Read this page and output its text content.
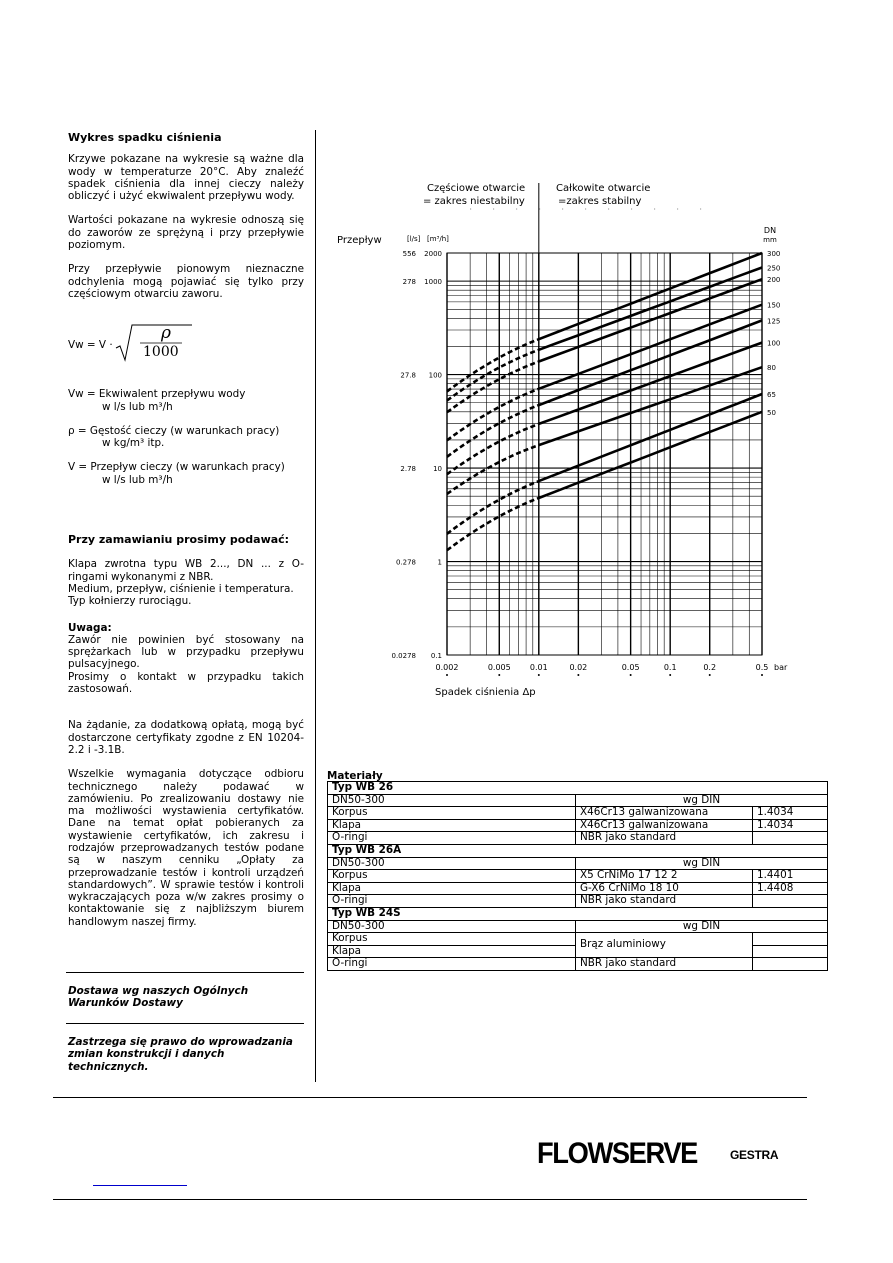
Wykres spadku ciśnienia

Krzywe pokazane na wykresie są ważne dla wody w temperaturze 20°C. Aby znaleźć spadek ciśnienia dla innej cieczy należy obliczyć i użyć ekwiwalent przepływu wody.

Wartości pokazane na wykresie odnoszą się do zaworów ze sprężyną i przy przepływie poziomym.

Przy przepływie pionowym nieznaczne odchylenia mogą pojawiać się tylko przy częściowym otwarciu zaworu.

Vw = V ·
ρ
1000
Vw = Ekwiwalent przepływu wody
w l/s lub m³/h
ρ = Gęstość cieczy (w warunkach pracy)
w kg/m³ itp.
V = Przepływ cieczy (w warunkach pracy)
w l/s lub m³/h
Przy zamawianiu prosimy podawać:
Klapa zwrotna typu WB 2..., DN ... z O-ringami wykonanymi z NBR.
Medium, przepływ, ciśnienie i temperatura.
Typ kołnierzy rurociągu.
Uwaga:
Zawór nie powinien być stosowany na sprężarkach lub w przypadku przepływu pulsacyjnego.
Prosimy o kontakt w przypadku takich zastosowań.

Na żądanie, za dodatkową opłatą, mogą być dostarczone certyfikaty zgodne z EN 10204-2.2 i -3.1B.

Wszelkie wymagania dotyczące odbioru technicznego należy podawać w zamówieniu. Po zrealizowaniu dostawy nie ma możliwości wystawienia certyfikatów. Dane na temat opłat pobieranych za wystawienie certyfikatów, ich zakresu i rodzajów przeprowadzanych testów podane są w naszym cenniku „Opłaty za przeprowadzanie testów i kontroli urządzeń standardowych”. W sprawie testów i kontroli wykraczających poza w/w zakres prosimy o kontaktowanie się z najbliższym biurem handlowym naszej firmy.

Dostawa wg naszych Ogólnych Warunków Dostawy
Zastrzega się prawo do wprowadzania zmian konstrukcji i danych technicznych.
0.002	0.005 0.01	0.02	0.05	0.1	0.2	0.5 bar
Spadek ciśnienia Δp
0.1
0.0278
1
0.278
10
2.78
100
27.8
1000
278
2000
556
Przepływ	[l/s] [m³/h]
DN
mm
Częściowe otwarcie
= zakres niestabilny
Całkowite otwarcie
=zakres stabilny
300
250
200
150
125
100
80
65
50
Materiały
Typ WB 26		
DN50-300	wg DIN	
Korpus	X46Cr13 galwanizowana	1.4034
Klapa	X46Cr13 galwanizowana	1.4034
O-ringi	NBR jako standard	
Typ WB 26A		
DN50-300	wg DIN	
Korpus	X5 CrNiMo 17 12 2	1.4401
Klapa	G-X6 CrNiMo 18 10	1.4408
O-ringi	NBR jako standard	
Typ WB 24S		
DN50-300	wg DIN	
Korpus	Brąz aluminiowy	
Klapa		
O-ringi	NBR jako standard	
FLOWSERVE	GESTRA
